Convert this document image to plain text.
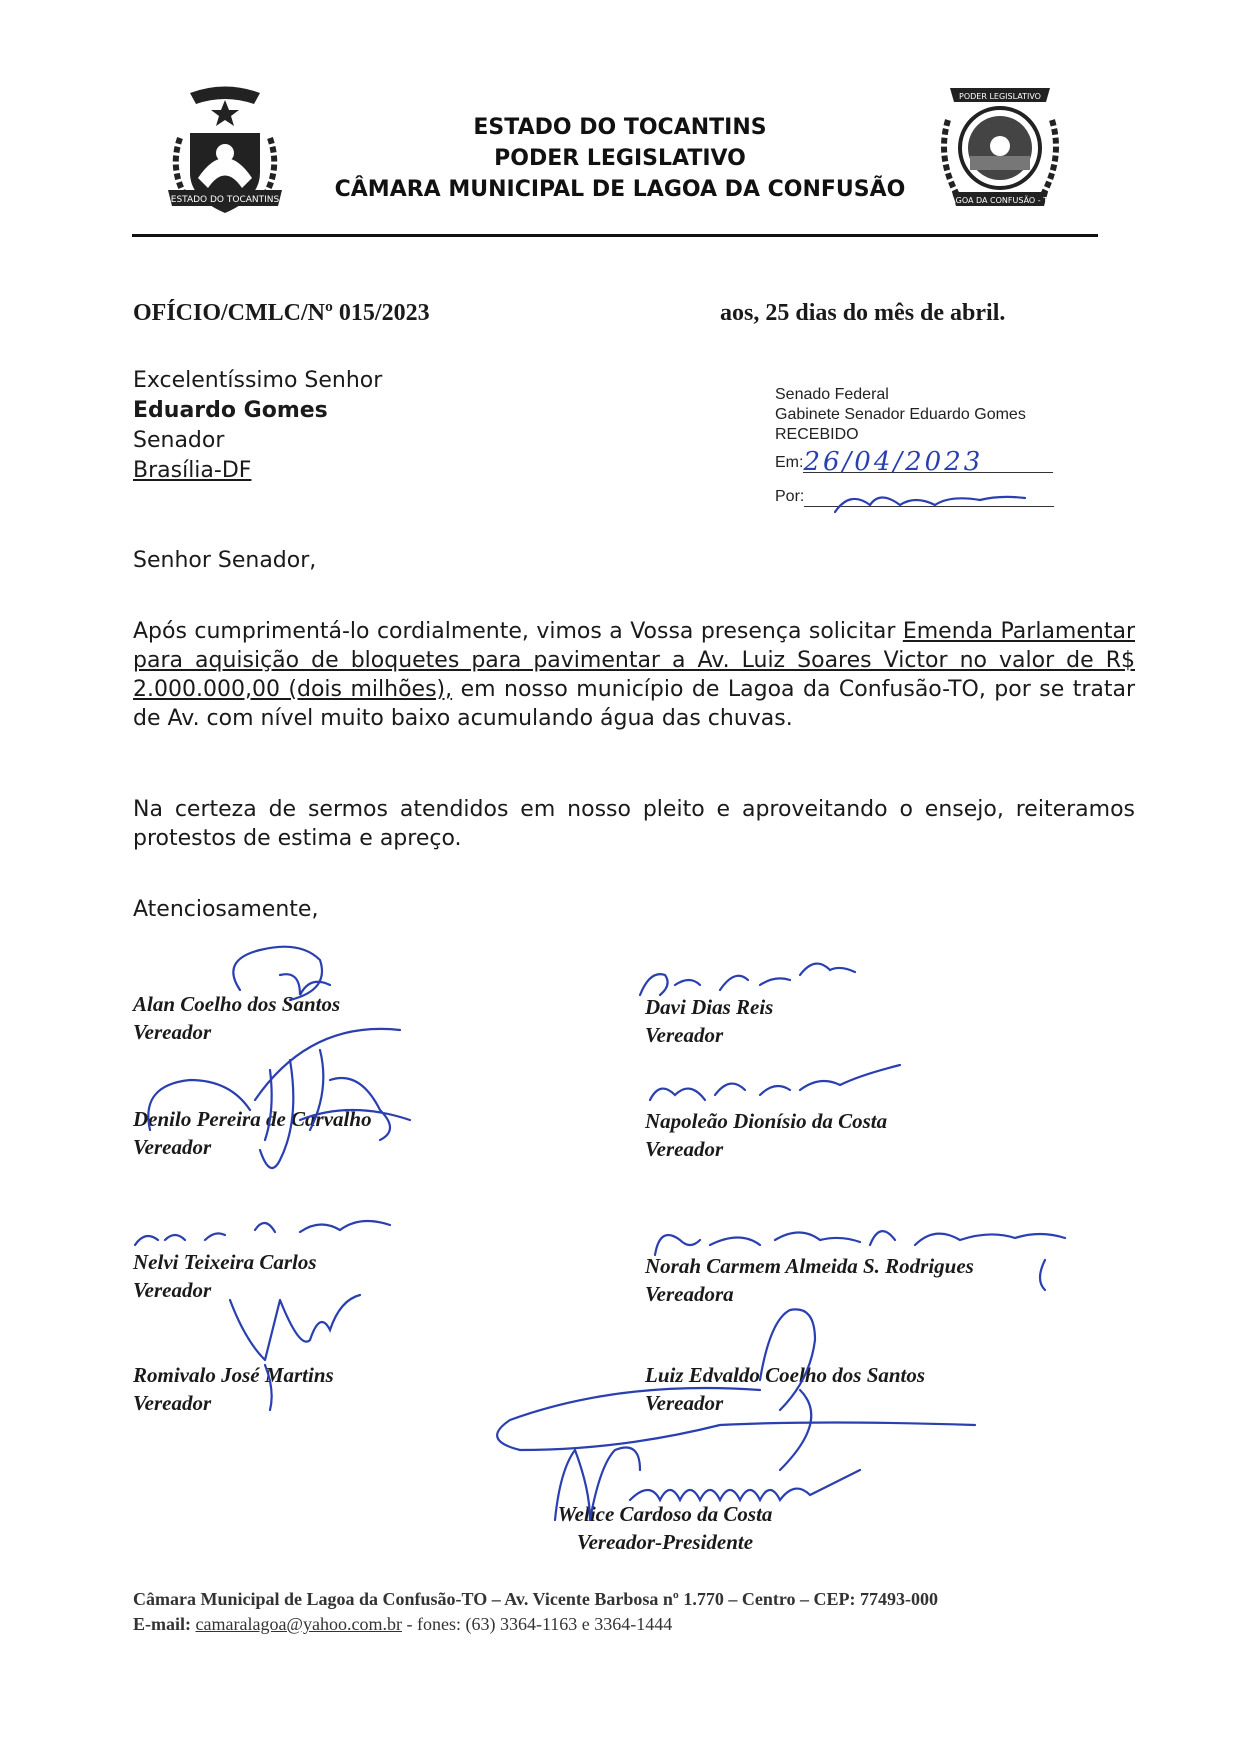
ESTADO DO TOCANTINS
ESTADO DO TOCANTINS
PODER LEGISLATIVO
CÂMARA MUNICIPAL DE LAGOA DA CONFUSÃO
PODER LEGISLATIVO
LAGOA DA CONFUSÃO - TO
OFÍCIO/CMLC/Nº 015/2023	aos, 25 dias do mês de abril.
Excelentíssimo Senhor
Eduardo Gomes
Senador
Brasília-DF
Senado Federal
Gabinete Senador Eduardo Gomes
RECEBIDO
Em: 26/04/2023
Por:
Senhor Senador,
Após cumprimentá-lo cordialmente, vimos a Vossa presença solicitar Emenda Parlamentar para aquisição de bloquetes para pavimentar a Av. Luiz Soares Victor no valor de R$ 2.000.000,00 (dois milhões), em nosso município de Lagoa da Confusão-TO, por se tratar de Av. com nível muito baixo acumulando água das chuvas.
Na certeza de sermos atendidos em nosso pleito e aproveitando o ensejo, reiteramos protestos de estima e apreço.
Atenciosamente,
Alan Coelho dos Santos
Vereador
Davi Dias Reis
Vereador
Denilo Pereira de Carvalho
Vereador
Napoleão Dionísio da Costa
Vereador
Nelvi Teixeira Carlos
Vereador
Norah Carmem Almeida S. Rodrigues
Vereadora
Romivalo José Martins
Vereador
Luiz Edvaldo Coelho dos Santos
Vereador
Welice Cardoso da Costa
Vereador-Presidente
Câmara Municipal de Lagoa da Confusão-TO – Av. Vicente Barbosa nº 1.770 – Centro – CEP: 77493-000
E-mail: camaralagoa@yahoo.com.br - fones: (63) 3364-1163 e 3364-1444
